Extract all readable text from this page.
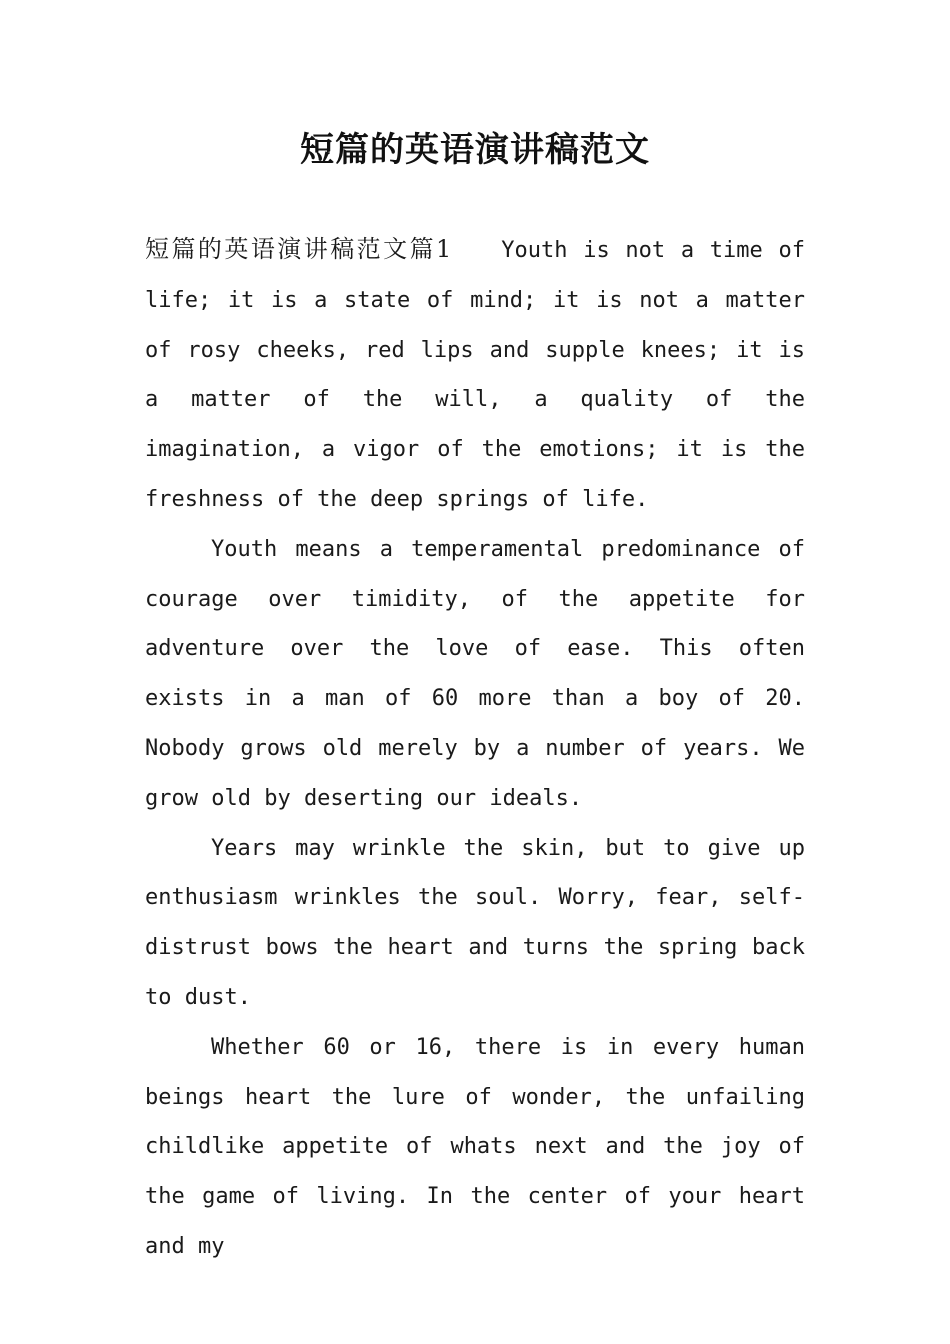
短篇的英语演讲稿范文

短篇的英语演讲稿范文篇1 Youth is not a time of life; it is a state of mind; it is not a matter of rosy cheeks, red lips and supple knees; it is a matter of the will, a quality of the imagination, a vigor of the emotions; it is the freshness of the deep springs of life.

Youth means a temperamental predominance of courage over timidity, of the appetite for adventure over the love of ease. This often exists in a man of 60 more than a boy of 20. Nobody grows old merely by a number of years. We grow old by deserting our ideals.

Years may wrinkle the skin, but to give up enthusiasm wrinkles the soul. Worry, fear, self-distrust bows the heart and turns the spring back to dust.

Whether 60 or 16, there is in every human beings heart the lure of wonder, the unfailing childlike appetite of whats next and the joy of the game of living. In the center of your heart and my
